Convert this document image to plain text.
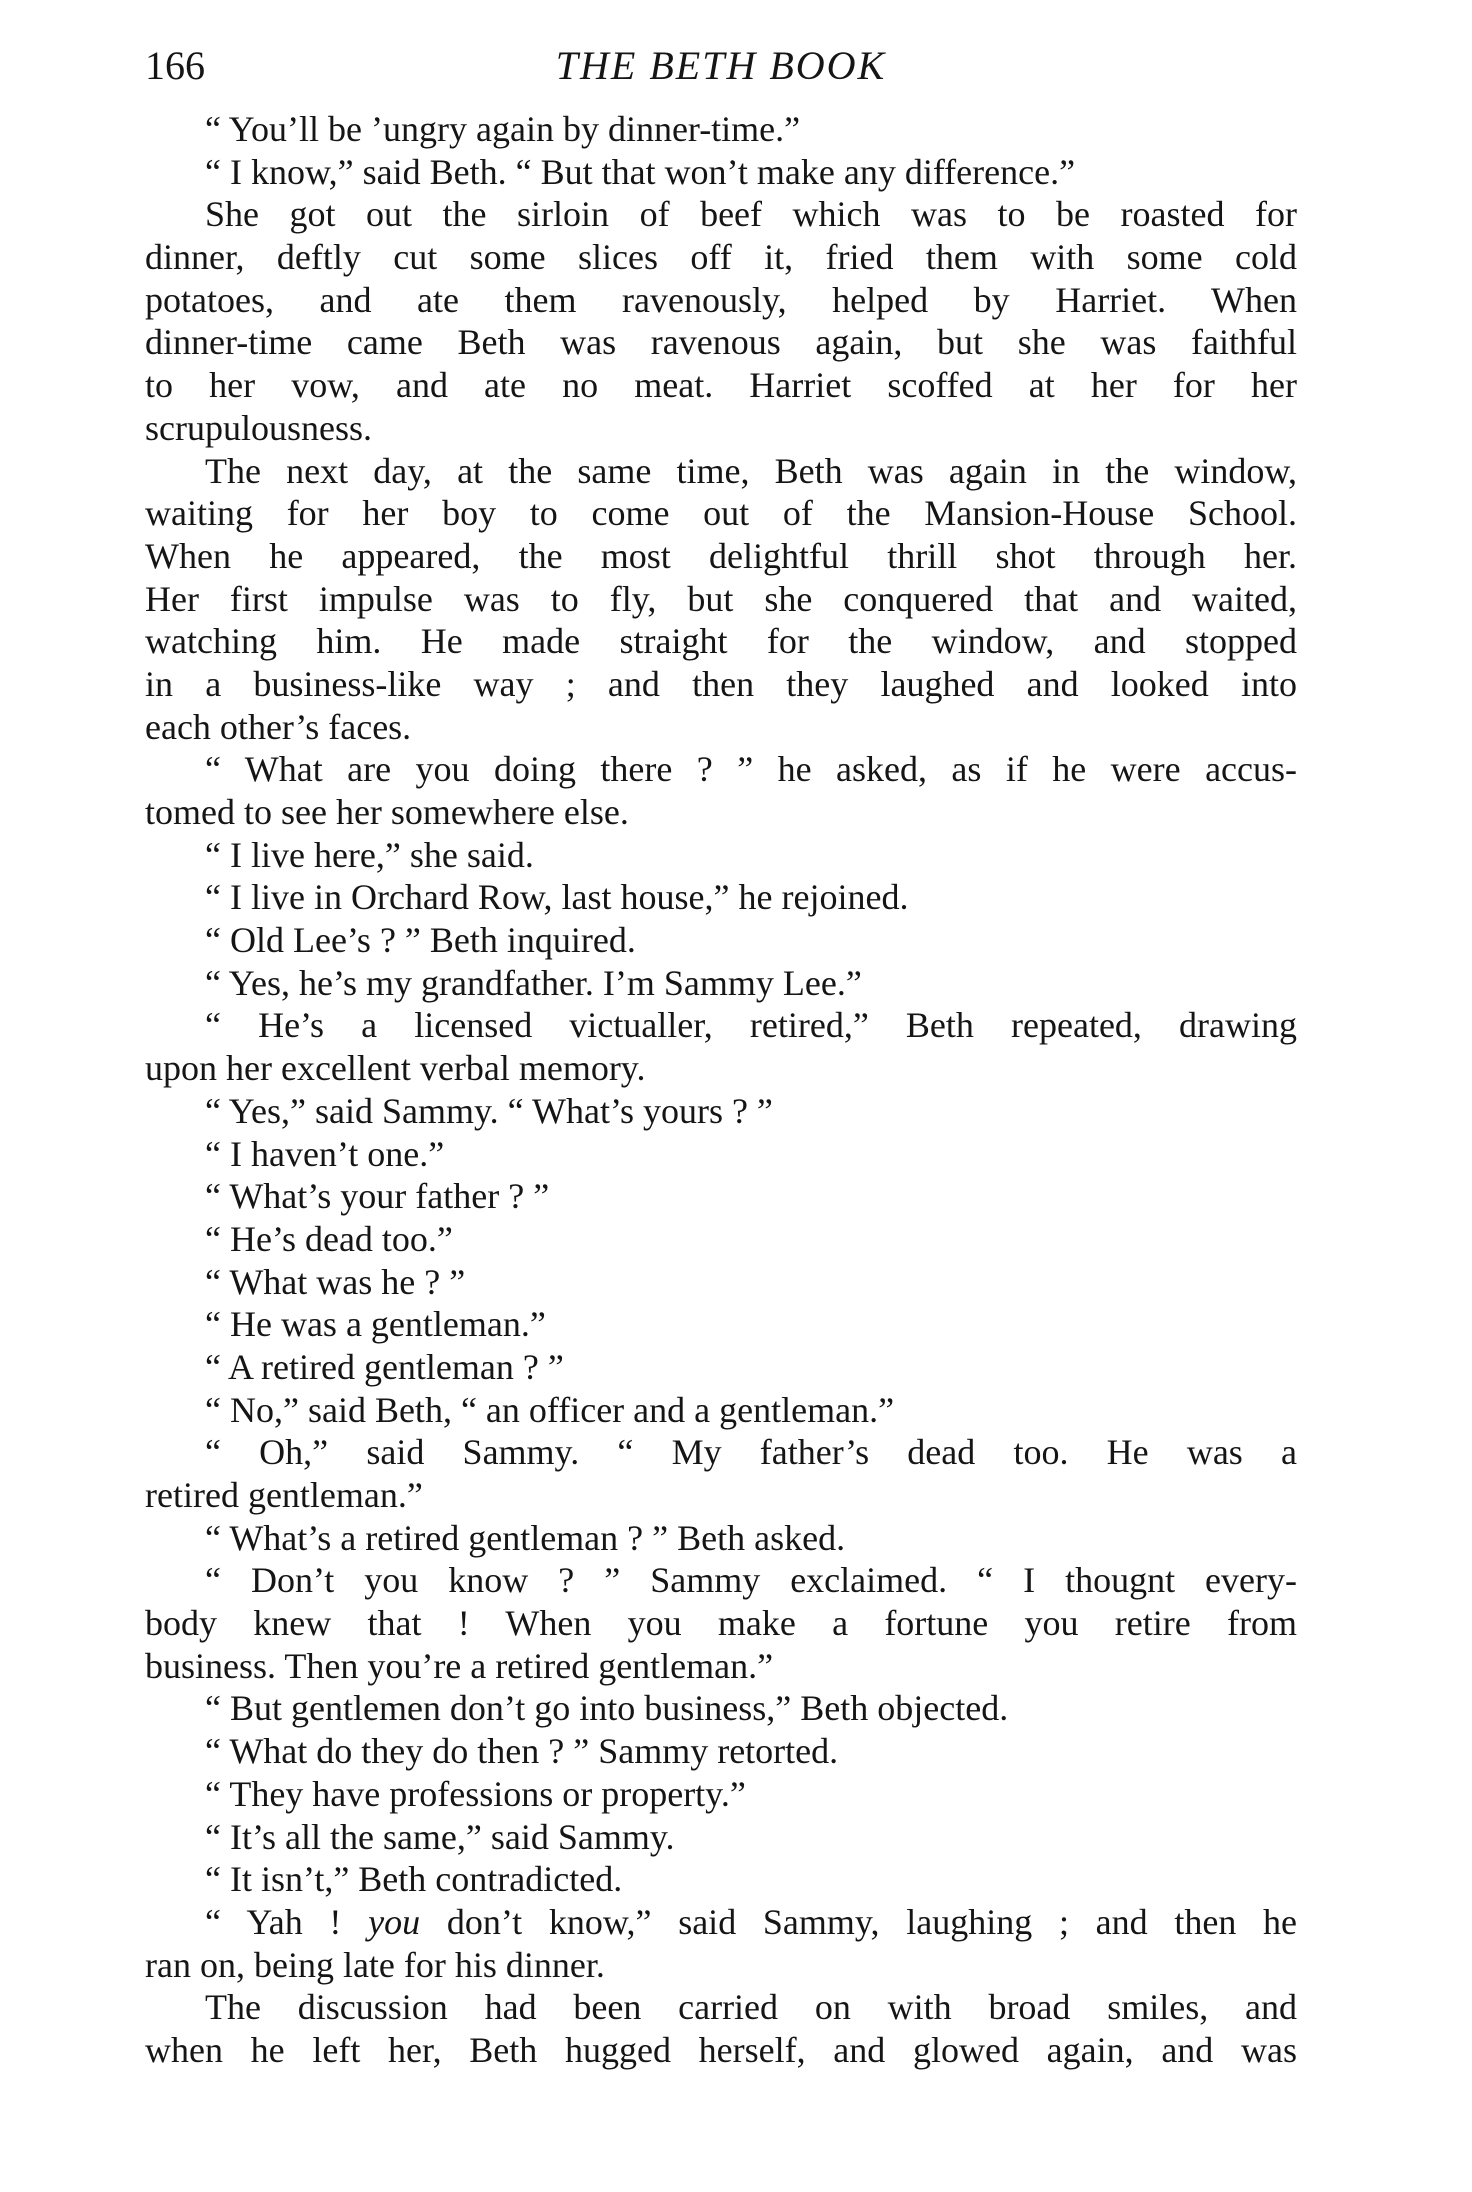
166	THE BETH BOOK
“ You’ll be ’ungry again by dinner-time.”
“ I know,” said Beth. “ But that won’t make any difference.”
She got out the sirloin of beef which was to be roasted for
dinner, deftly cut some slices off it, fried them with some cold
potatoes, and ate them ravenously, helped by Harriet. When
dinner-time came Beth was ravenous again, but she was faithful
to her vow, and ate no meat. Harriet scoffed at her for her
scrupulousness.
The next day, at the same time, Beth was again in the window,
waiting for her boy to come out of the Mansion-House School.
When he appeared, the most delightful thrill shot through her.
Her first impulse was to fly, but she conquered that and waited,
watching him. He made straight for the window, and stopped
in a business-like way ; and then they laughed and looked into
each other’s faces.
“ What are you doing there ? ” he asked, as if he were accus-
tomed to see her somewhere else.
“ I live here,” she said.
“ I live in Orchard Row, last house,” he rejoined.
“ Old Lee’s ? ” Beth inquired.
“ Yes, he’s my grandfather. I’m Sammy Lee.”
“ He’s a licensed victualler, retired,” Beth repeated, drawing
upon her excellent verbal memory.
“ Yes,” said Sammy. “ What’s yours ? ”
“ I haven’t one.”
“ What’s your father ? ”
“ He’s dead too.”
“ What was he ? ”
“ He was a gentleman.”
“ A retired gentleman ? ”
“ No,” said Beth, “ an officer and a gentleman.”
“ Oh,” said Sammy. “ My father’s dead too. He was a
retired gentleman.”
“ What’s a retired gentleman ? ” Beth asked.
“ Don’t you know ? ” Sammy exclaimed. “ I thougnt every-
body knew that ! When you make a fortune you retire from
business. Then you’re a retired gentleman.”
“ But gentlemen don’t go into business,” Beth objected.
“ What do they do then ? ” Sammy retorted.
“ They have professions or property.”
“ It’s all the same,” said Sammy.
“ It isn’t,” Beth contradicted.
“ Yah ! you don’t know,” said Sammy, laughing ; and then he
ran on, being late for his dinner.
The discussion had been carried on with broad smiles, and
when he left her, Beth hugged herself, and glowed again, and was
